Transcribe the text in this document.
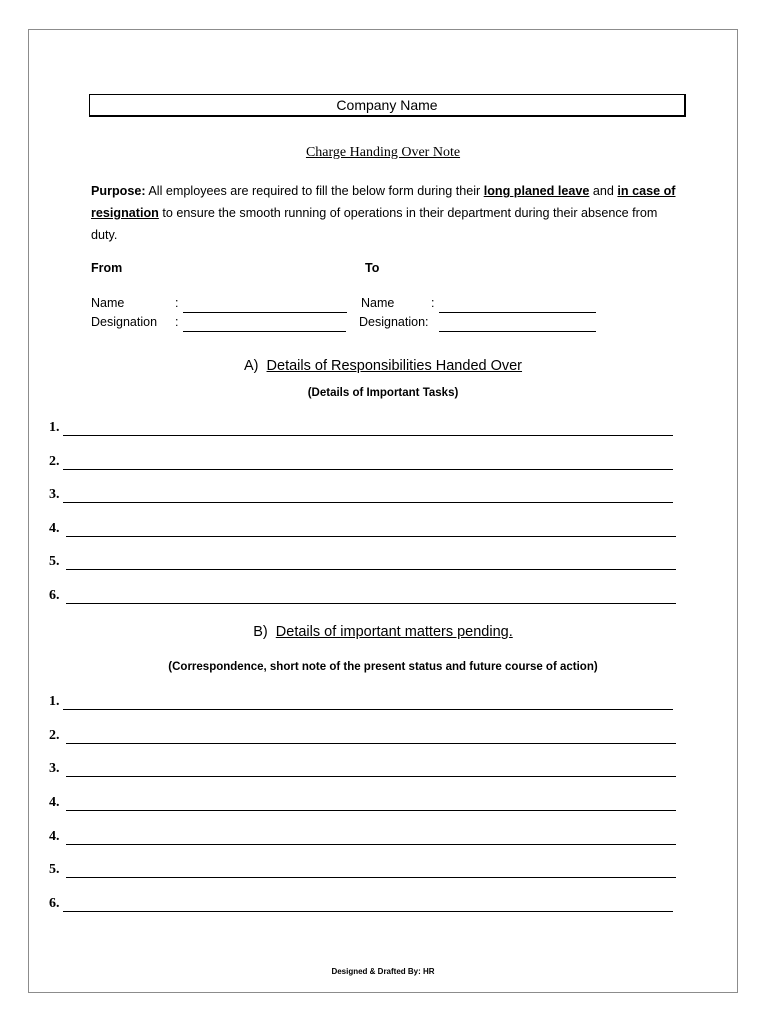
Company Name
Charge Handing Over Note
Purpose: All employees are required to fill the below form during their long planed leave and in case of resignation to ensure the smooth running of operations in their department during their absence from duty.
From	To
Name	:	Name	:
Designation :	Designation:
A) Details of Responsibilities Handed Over
(Details of Important Tasks)
1.
2.
3.
4.
5.
6.
B) Details of important matters pending.
(Correspondence, short note of the present status and future course of action)
1.
2.
3.
4.
4.
5.
6.
Designed & Drafted By: HR
